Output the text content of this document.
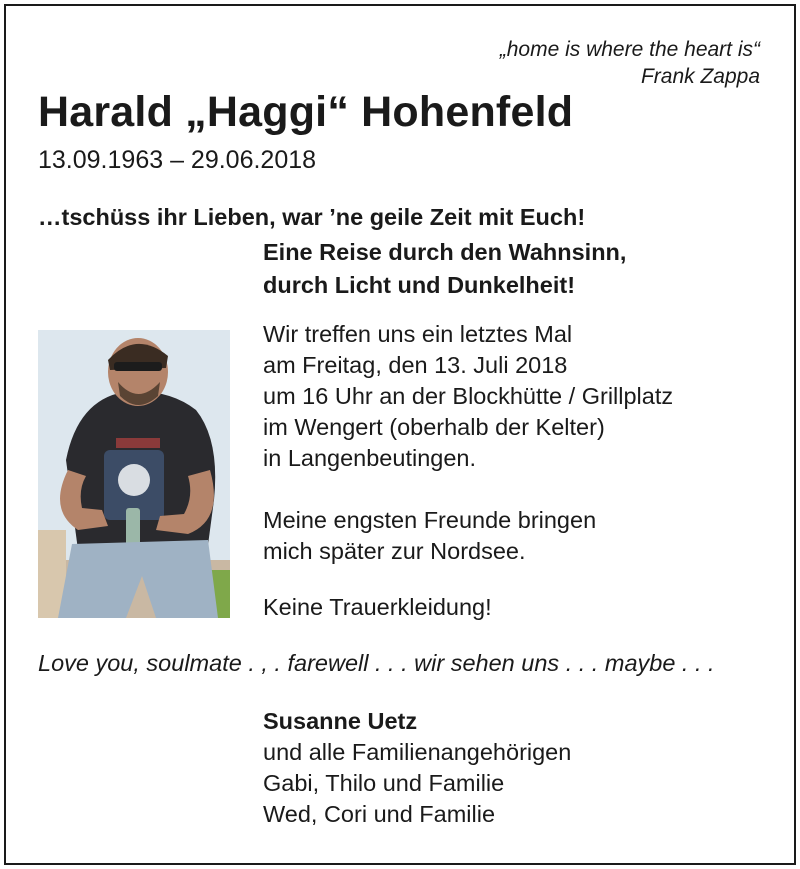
„home is where the heart is“
Frank Zappa
Harald „Haggi“ Hohenfeld
13.09.1963 – 29.06.2018
…tschüss ihr Lieben, war ’ne geile Zeit mit Euch!
Eine Reise durch den Wahnsinn,
durch Licht und Dunkelheit!
Wir treffen uns ein letztes Mal
am Freitag, den 13. Juli 2018
um 16 Uhr an der Blockhütte / Grillplatz
im Wengert (oberhalb der Kelter)
in Langenbeutingen.
Meine engsten Freunde bringen
mich später zur Nordsee.
Keine Trauerkleidung!
Love you, soulmate . , . farewell . . . wir sehen uns . . . maybe . . .
Susanne Uetz
und alle Familienangehörigen
Gabi, Thilo und Familie
Wed, Cori und Familie
